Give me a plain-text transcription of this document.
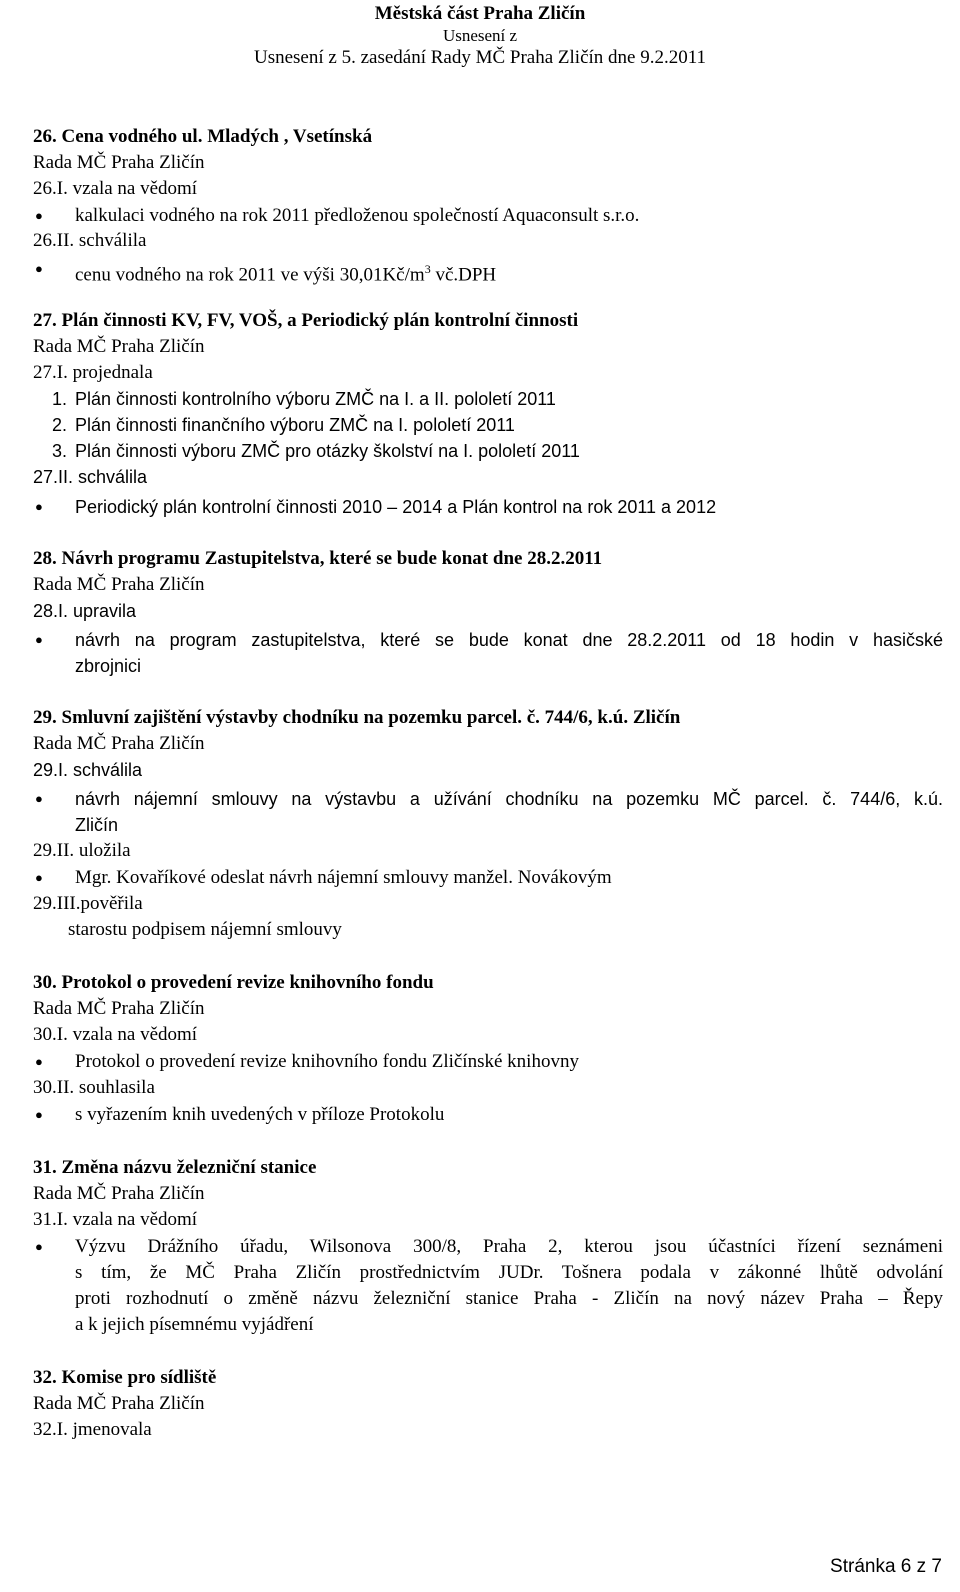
Městská část Praha Zličín
Usnesení z
Usnesení z 5. zasedání Rady MČ Praha Zličín dne 9.2.2011
26. Cena vodného ul. Mladých , Vsetínská
Rada MČ Praha Zličín
26.I. vzala na vědomí
● kalkulaci vodného na rok 2011 předloženou společností Aquaconsult s.r.o.
26.II. schválila
● cenu vodného na rok 2011 ve výši $30,01Kč/m^3$ vč.DPH
27. Plán činnosti KV, FV, VOŠ, a Periodický plán kontrolní činnosti
Rada MČ Praha Zličín
27.I. projednala
1. Plán činnosti kontrolního výboru ZMČ na I. a II. pololetí 2011
2. Plán činnosti finančního výboru ZMČ na I. pololetí 2011
3. Plán činnosti výboru ZMČ pro otázky školství na I. pololetí 2011
27.II. schválila
● Periodický plán kontrolní činnosti 2010 – 2014 a Plán kontrol na rok 2011 a 2012
28. Návrh programu Zastupitelstva, které se bude konat dne 28.2.2011
Rada MČ Praha Zličín
28.I. upravila
● návrh na program zastupitelstva, které se bude konat dne 28.2.2011 od 18 hodin v hasičské
zbrojnici
29. Smluvní zajištění výstavby chodníku na pozemku parcel. č. 744/6, k.ú. Zličín
Rada MČ Praha Zličín
29.I. schválila
● návrh nájemní smlouvy na výstavbu a užívání chodníku na pozemku MČ parcel. č. 744/6, k.ú.
Zličín
29.II. uložila
● Mgr. Kovaříkové odeslat návrh nájemní smlouvy manžel. Novákovým
29.III.pověřila
starostu podpisem nájemní smlouvy
30. Protokol o provedení revize knihovního fondu
Rada MČ Praha Zličín
30.I. vzala na vědomí
● Protokol o provedení revize knihovního fondu Zličínské knihovny
30.II. souhlasila
● s vyřazením knih uvedených v příloze Protokolu
31. Změna názvu železniční stanice
Rada MČ Praha Zličín
31.I. vzala na vědomí
● Výzvu Drážního úřadu, Wilsonova 300/8, Praha 2, kterou jsou účastníci řízení seznámeni
s tím, že MČ Praha Zličín prostřednictvím JUDr. Tošnera podala v zákonné lhůtě odvolání
proti rozhodnutí o změně názvu železniční stanice Praha - Zličín na nový název Praha – Řepy
a k jejich písemnému vyjádření
32. Komise pro sídliště
Rada MČ Praha Zličín
32.I. jmenovala
Stránka 6 z 7
